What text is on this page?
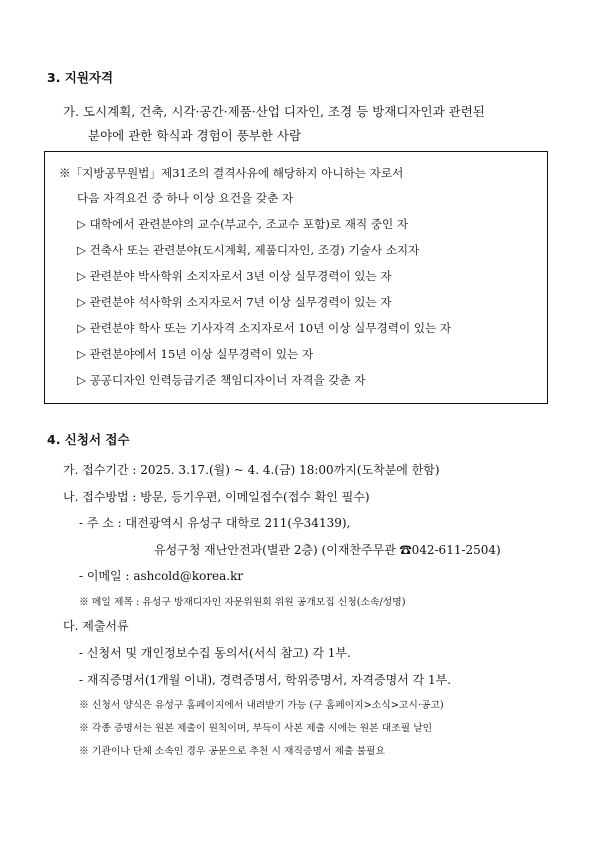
3. 지원자격
가. 도시계획, 건축, 시각·공간·제품·산업 디자인, 조경 등 방재디자인과 관련된
분야에 관한 학식과 경험이 풍부한 사람
※「지방공무원법」제31조의 결격사유에 해당하지 아니하는 자로서
다음 자격요건 중 하나 이상 요건을 갖춘 자
▷ 대학에서 관련분야의 교수(부교수, 조교수 포함)로 재직 중인 자
▷ 건축사 또는 관련분야(도시계획, 제품디자인, 조경) 기술사 소지자
▷ 관련분야 박사학위 소지자로서 3년 이상 실무경력이 있는 자
▷ 관련분야 석사학위 소지자로서 7년 이상 실무경력이 있는 자
▷ 관련분야 학사 또는 기사자격 소지자로서 10년 이상 실무경력이 있는 자
▷ 관련분야에서 15년 이상 실무경력이 있는 자
▷ 공공디자인 인력등급기준 책임디자이너 자격을 갖춘 자
4. 신청서 접수
가. 접수기간 : 2025. 3.17.(월) ~ 4. 4.(금) 18:00까지(도착분에 한함)
나. 접수방법 : 방문, 등기우편, 이메일접수(접수 확인 필수)
- 주 소 : 대전광역시 유성구 대학로 211(우34139),
유성구청 재난안전과(별관 2층) (이재찬주무관 ☎042-611-2504)
- 이메일 : ashcold@korea.kr
※ 메일 제목 : 유성구 방재디자인 자문위원회 위원 공개모집 신청(소속/성명)
다. 제출서류
- 신청서 및 개인정보수집 동의서(서식 참고) 각 1부.
- 재직증명서(1개월 이내), 경력증명서, 학위증명서, 자격증명서 각 1부.
※ 신청서 양식은 유성구 홈페이지에서 내려받기 가능 (구 홈페이지>소식>고시·공고)
※ 각종 증명서는 원본 제출이 원칙이며, 부득이 사본 제출 시에는 원본 대조필 날인
※ 기관이나 단체 소속인 경우 공문으로 추천 시 재직증명서 제출 불필요
